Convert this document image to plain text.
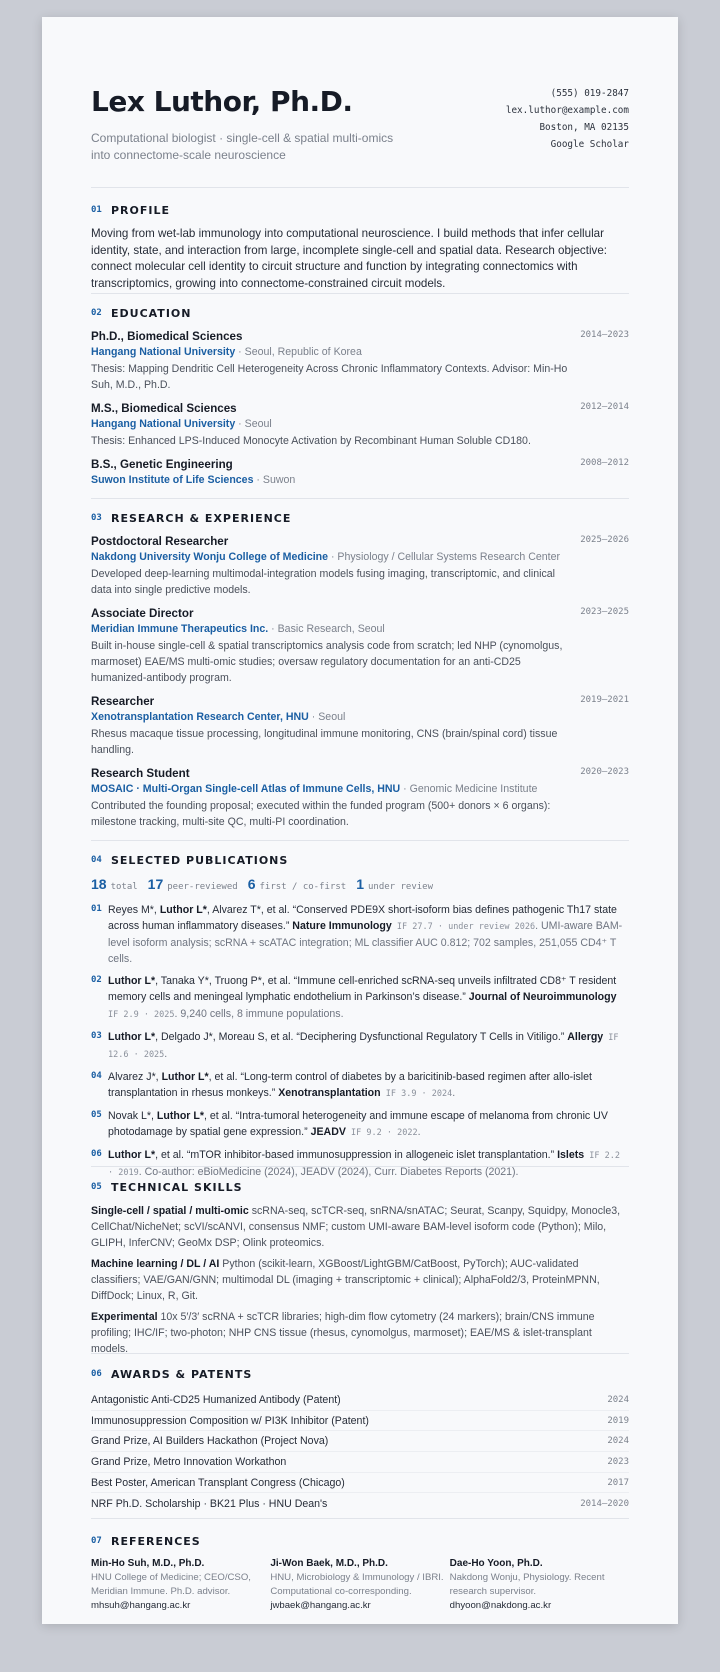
Lex Luthor, Ph.D.
Computational biologist · single-cell & spatial multi-omics into connectome-scale neuroscience
(555) 019-2847
lex.luthor@example.com
Boston, MA 02135
Google Scholar
01 PROFILE
Moving from wet-lab immunology into computational neuroscience. I build methods that infer cellular identity, state, and interaction from large, incomplete single-cell and spatial data. Research objective: connect molecular cell identity to circuit structure and function by integrating connectomics with transcriptomics, growing into connectome-constrained circuit models.
02 EDUCATION
Ph.D., Biomedical Sciences	2014–2023
Hangang National University · Seoul, Republic of Korea
Thesis: Mapping Dendritic Cell Heterogeneity Across Chronic Inflammatory Contexts. Advisor: Min-Ho Suh, M.D., Ph.D.
M.S., Biomedical Sciences	2012–2014
Hangang National University · Seoul
Thesis: Enhanced LPS-Induced Monocyte Activation by Recombinant Human Soluble CD180.
B.S., Genetic Engineering	2008–2012
Suwon Institute of Life Sciences · Suwon
03 RESEARCH & EXPERIENCE
Postdoctoral Researcher	2025–2026
Nakdong University Wonju College of Medicine · Physiology / Cellular Systems Research Center
Developed deep-learning multimodal-integration models fusing imaging, transcriptomic, and clinical data into single predictive models.
Associate Director	2023–2025
Meridian Immune Therapeutics Inc. · Basic Research, Seoul
Built in-house single-cell & spatial transcriptomics analysis code from scratch; led NHP (cynomolgus, marmoset) EAE/MS multi-omic studies; oversaw regulatory documentation for an anti-CD25 humanized-antibody program.
Researcher	2019–2021
Xenotransplantation Research Center, HNU · Seoul
Rhesus macaque tissue processing, longitudinal immune monitoring, CNS (brain/spinal cord) tissue handling.
Research Student	2020–2023
MOSAIC · Multi-Organ Single-cell Atlas of Immune Cells, HNU · Genomic Medicine Institute
Contributed the founding proposal; executed within the funded program (500+ donors × 6 organs): milestone tracking, multi-site QC, multi-PI coordination.
04 SELECTED PUBLICATIONS
18 total 17 peer-reviewed 6 first / co-first 1 under review
01 Reyes M*, Luthor L*, Alvarez T*, et al. “Conserved PDE9X short-isoform bias defines pathogenic Th17 state across human inflammatory diseases.” Nature Immunology IF 27.7 · under review 2026. UMI-aware BAM-level isoform analysis; scRNA + scATAC integration; ML classifier AUC 0.812; 702 samples, 251,055 CD4⁺ T cells.
02 Luthor L*, Tanaka Y*, Truong P*, et al. “Immune cell-enriched scRNA-seq unveils infiltrated CD8⁺ T resident memory cells and meningeal lymphatic endothelium in Parkinson’s disease.” Journal of Neuroimmunology IF 2.9 · 2025. 9,240 cells, 8 immune populations.
03 Luthor L*, Delgado J*, Moreau S, et al. “Deciphering Dysfunctional Regulatory T Cells in Vitiligo.” Allergy IF 12.6 · 2025.
04 Alvarez J*, Luthor L*, et al. “Long-term control of diabetes by a baricitinib-based regimen after allo-islet transplantation in rhesus monkeys.” Xenotransplantation IF 3.9 · 2024.
05 Novak L*, Luthor L*, et al. “Intra-tumoral heterogeneity and immune escape of melanoma from chronic UV photodamage by spatial gene expression.” JEADV IF 9.2 · 2022.
06 Luthor L*, et al. “mTOR inhibitor-based immunosuppression in allogeneic islet transplantation.” Islets IF 2.2 · 2019. Co-author: eBioMedicine (2024), JEADV (2024), Curr. Diabetes Reports (2021).
05 TECHNICAL SKILLS
Single-cell / spatial / multi-omic scRNA-seq, scTCR-seq, snRNA/snATAC; Seurat, Scanpy, Squidpy, Monocle3, CellChat/NicheNet; scVI/scANVI, consensus NMF; custom UMI-aware BAM-level isoform code (Python); Milo, GLIPH, InferCNV; GeoMx DSP; Olink proteomics.
Machine learning / DL / AI Python (scikit-learn, XGBoost/LightGBM/CatBoost, PyTorch); AUC-validated classifiers; VAE/GAN/GNN; multimodal DL (imaging + transcriptomic + clinical); AlphaFold2/3, ProteinMPNN, DiffDock; Linux, R, Git.
Experimental 10x 5′/3′ scRNA + scTCR libraries; high-dim flow cytometry (24 markers); brain/CNS immune profiling; IHC/IF; two-photon; NHP CNS tissue (rhesus, cynomolgus, marmoset); EAE/MS & islet-transplant models.
06 AWARDS & PATENTS
Antagonistic Anti-CD25 Humanized Antibody (Patent)	2024
Immunosuppression Composition w/ PI3K Inhibitor (Patent)	2019
Grand Prize, AI Builders Hackathon (Project Nova)	2024
Grand Prize, Metro Innovation Workathon	2023
Best Poster, American Transplant Congress (Chicago)	2017
NRF Ph.D. Scholarship · BK21 Plus · HNU Dean's	2014–2020
07 REFERENCES
Min-Ho Suh, M.D., Ph.D.
HNU College of Medicine; CEO/CSO, Meridian Immune. Ph.D. advisor.
mhsuh@hangang.ac.kr
Ji-Won Baek, M.D., Ph.D.
HNU, Microbiology & Immunology / IBRI. Computational co-corresponding.
jwbaek@hangang.ac.kr
Dae-Ho Yoon, Ph.D.
Nakdong Wonju, Physiology. Recent research supervisor.
dhyoon@nakdong.ac.kr
